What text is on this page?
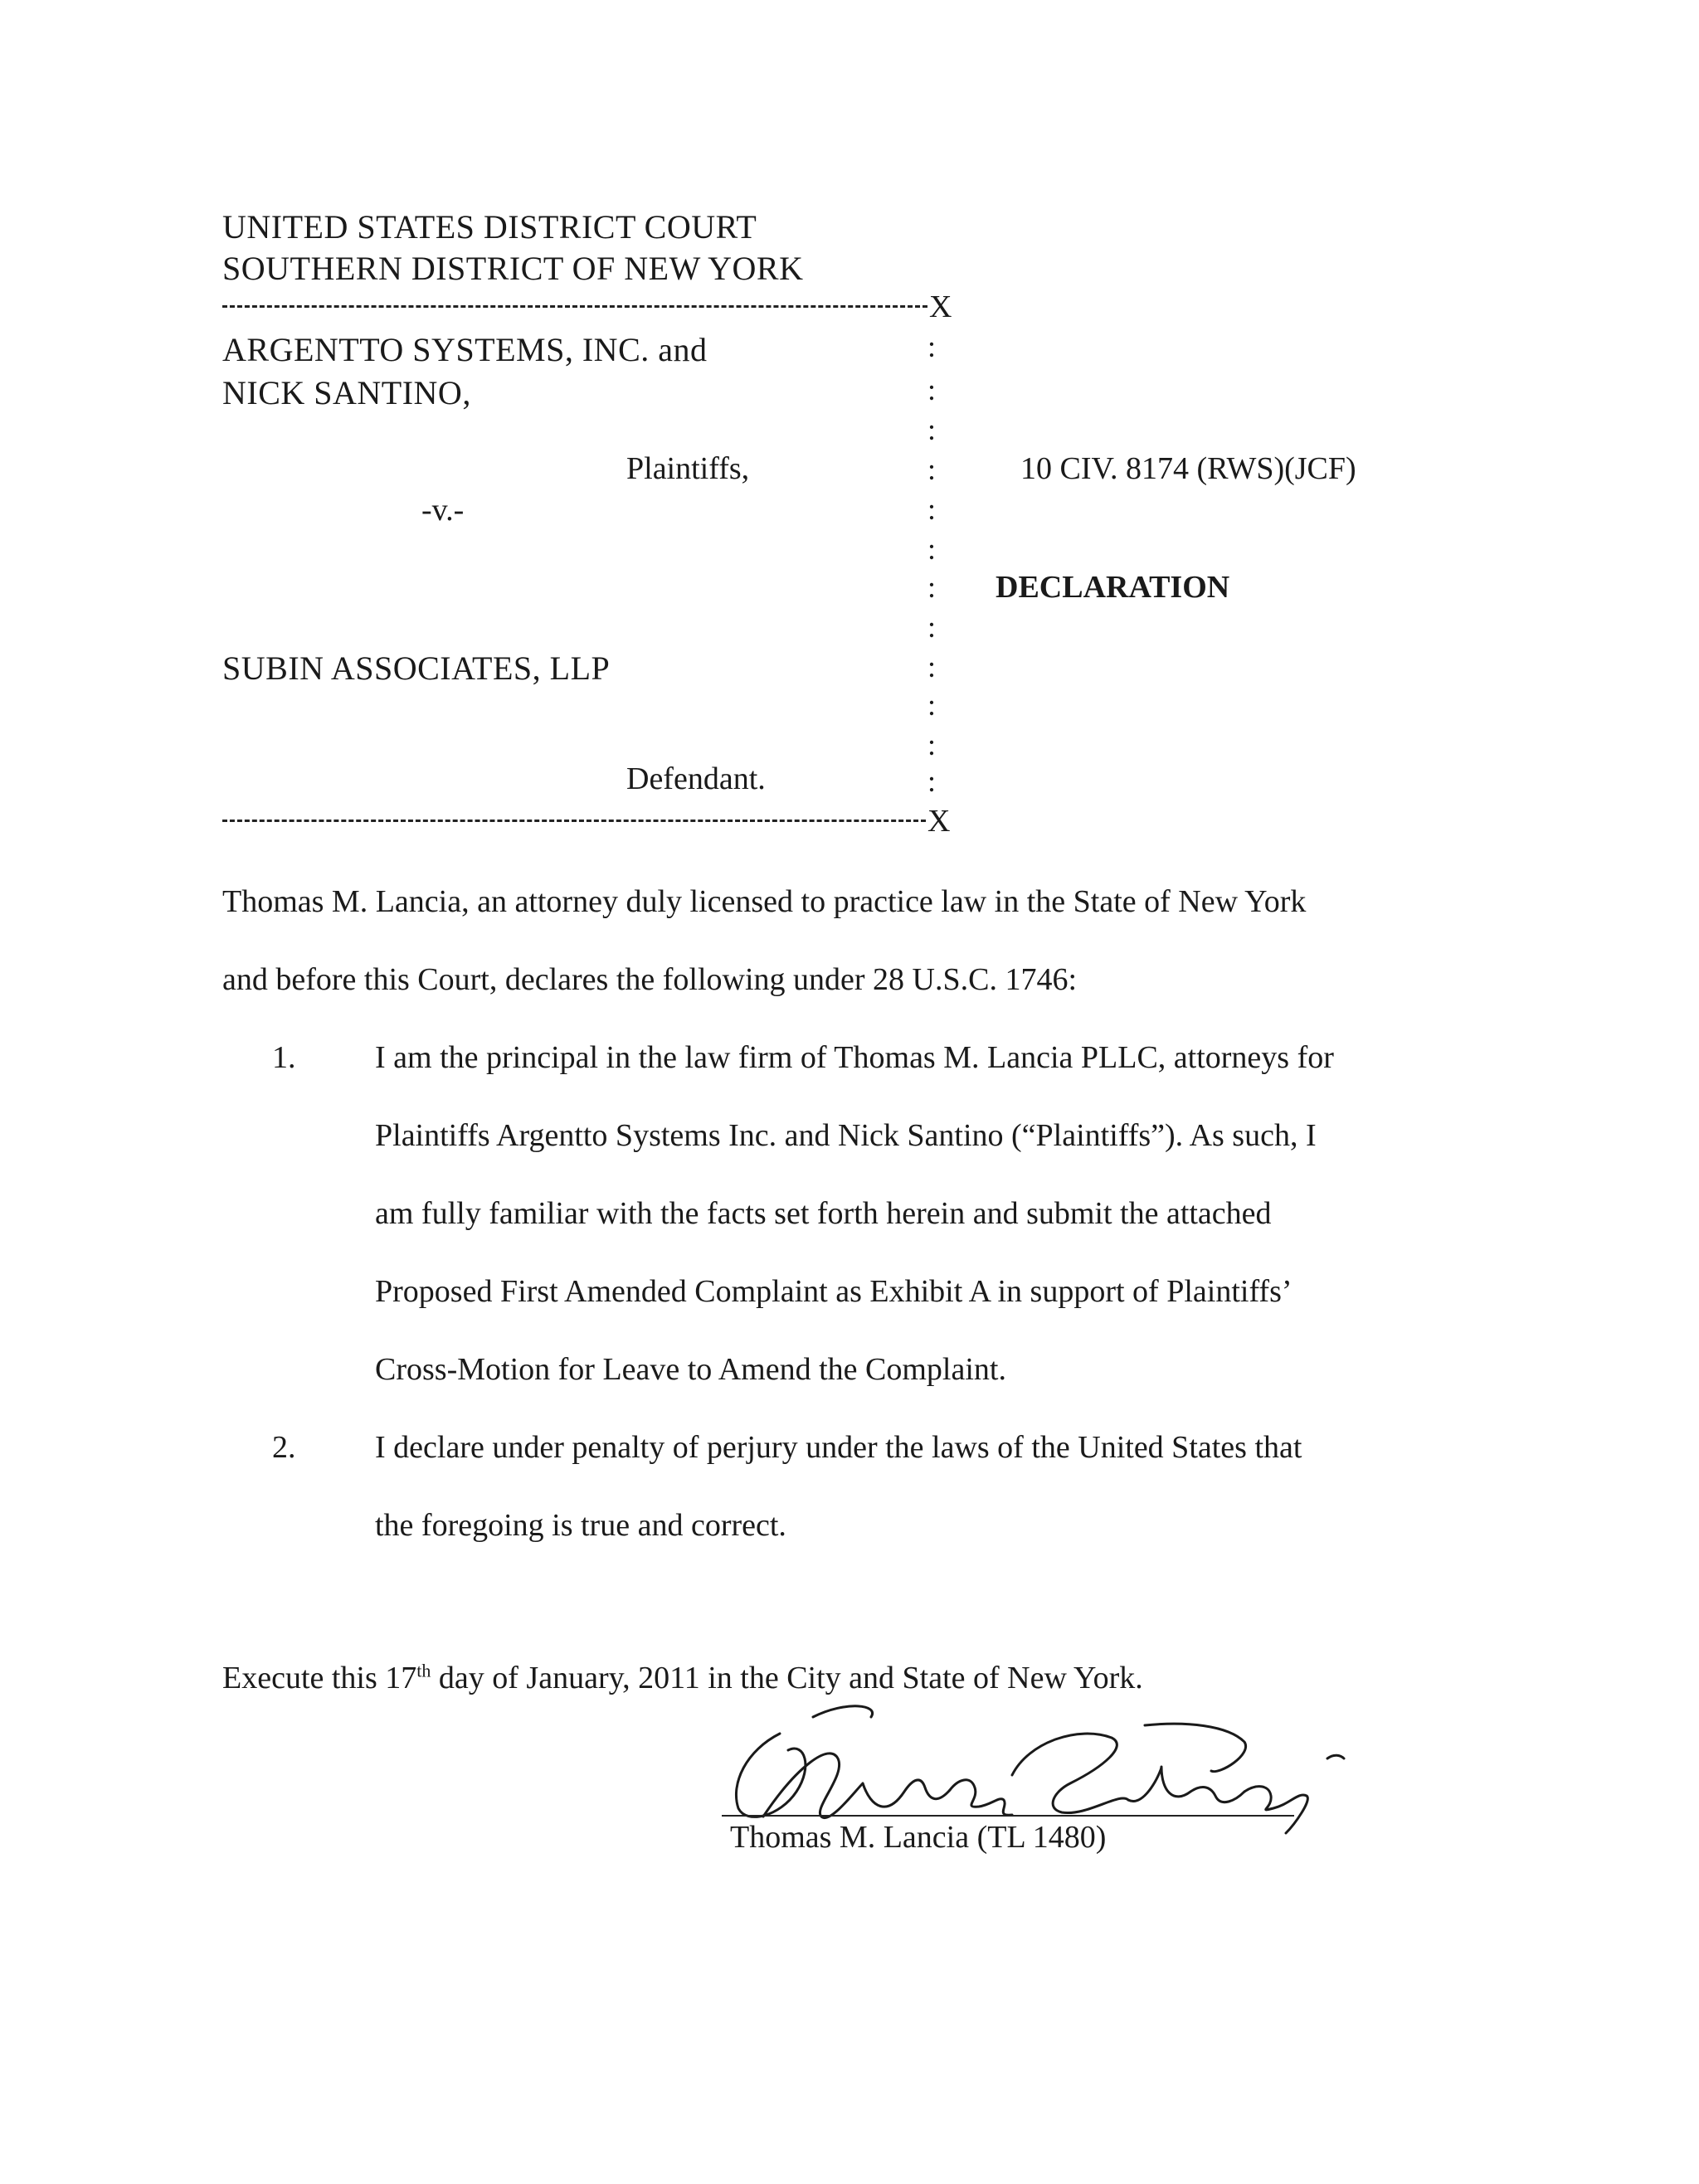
UNITED STATES DISTRICT COURT
SOUTHERN DISTRICT OF NEW YORK
X
ARGENTTO SYSTEMS, INC. and
NICK SANTINO,
Plaintiffs,
-v.-
SUBIN ASSOCIATES, LLP
Defendant.
:
:
:
:
:
:
:
:
:
:
:
:
X
10 CIV. 8174 (RWS)(JCF)
DECLARATION
Thomas M. Lancia, an attorney duly licensed to practice law in the State of New York
and before this Court, declares the following under 28 U.S.C. 1746:
1.	I am the principal in the law firm of Thomas M. Lancia PLLC, attorneys for
Plaintiffs Argentto Systems Inc. and Nick Santino (“Plaintiffs”). As such, I
am fully familiar with the facts set forth herein and submit the attached
Proposed First Amended Complaint as Exhibit A in support of Plaintiffs’
Cross-Motion for Leave to Amend the Complaint.
2.	I declare under penalty of perjury under the laws of the United States that
the foregoing is true and correct.
Execute this 17th day of January, 2011 in the City and State of New York.
Thomas M. Lancia (TL 1480)
